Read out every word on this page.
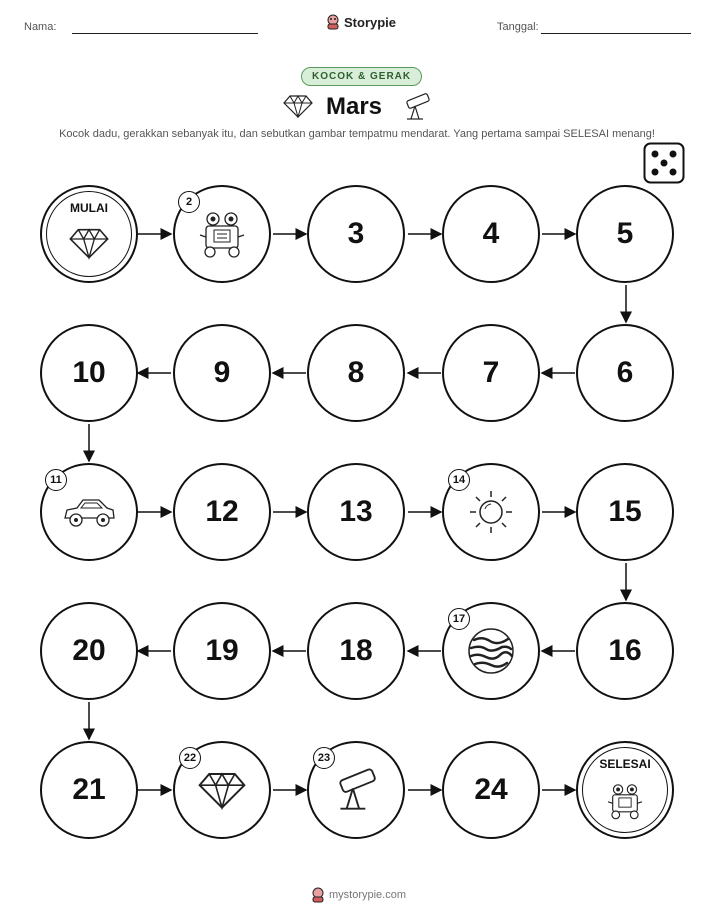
Nama:	Storypie	Tanggal:
KOCOK & GERAK
Mars
Kocok dadu, gerakkan sebanyak itu, dan sebutkan gambar tempatmu mendarat. Yang pertama sampai SELESAI menang!
MULAI	2
3	4	5
6
7
8
9
10
11
12	13
14
15
16
17
18
19
20
21
22	23
24
SELESAI
mystorypie.com
